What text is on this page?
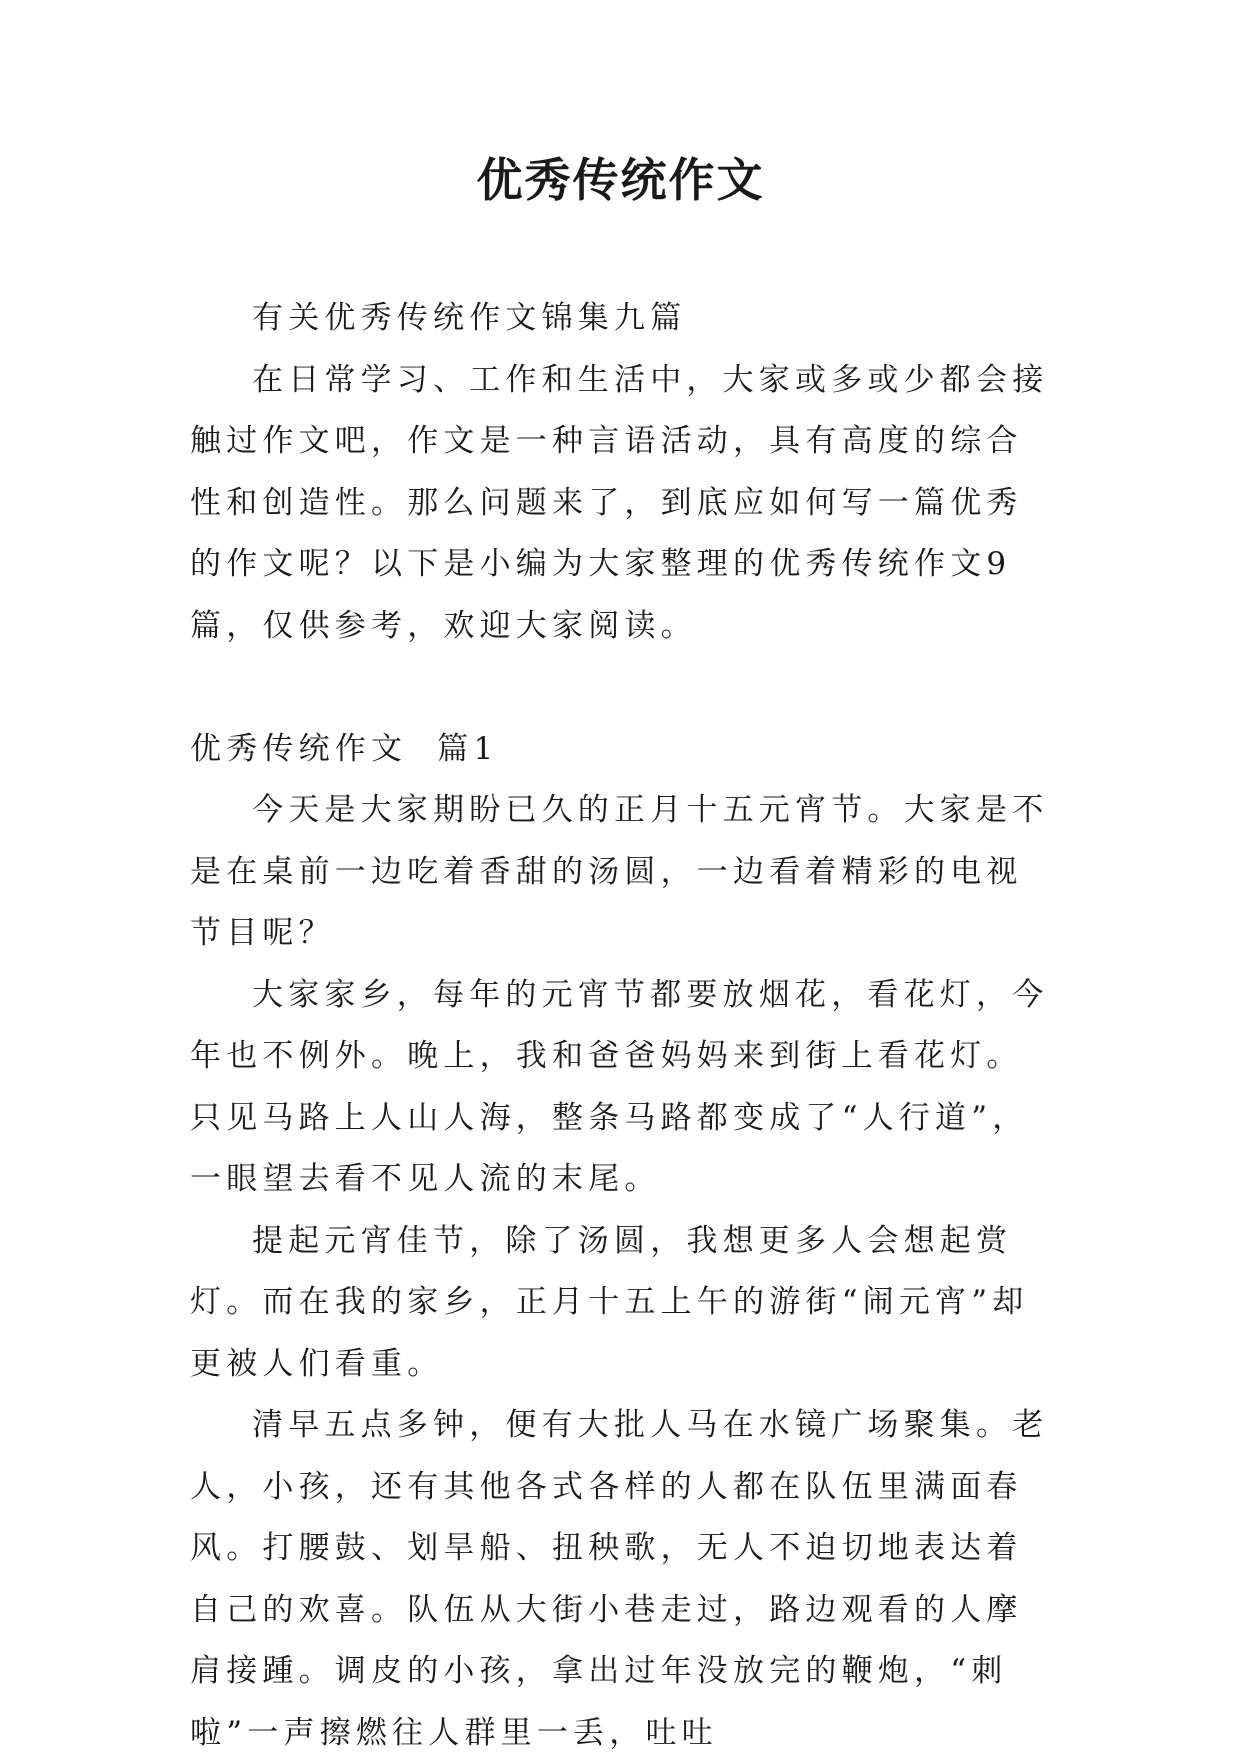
优秀传统作文

有关优秀传统作文锦集九篇

在日常学习、工作和生活中，大家或多或少都会接触过作文吧，作文是一种言语活动，具有高度的综合性和创造性。那么问题来了，到底应如何写一篇优秀的作文呢？以下是小编为大家整理的优秀传统作文9篇，仅供参考，欢迎大家阅读。

优秀传统作文  篇1

今天是大家期盼已久的正月十五元宵节。大家是不是在桌前一边吃着香甜的汤圆，一边看着精彩的电视节目呢？

大家家乡，每年的元宵节都要放烟花，看花灯，今年也不例外。晚上，我和爸爸妈妈来到街上看花灯。只见马路上人山人海，整条马路都变成了“人行道”，一眼望去看不见人流的末尾。

提起元宵佳节，除了汤圆，我想更多人会想起赏灯。而在我的家乡，正月十五上午的游街“闹元宵”却更被人们看重。

清早五点多钟，便有大批人马在水镜广场聚集。老人，小孩，还有其他各式各样的人都在队伍里满面春风。打腰鼓、划旱船、扭秧歌，无人不迫切地表达着自己的欢喜。队伍从大街小巷走过，路边观看的人摩肩接踵。调皮的小孩，拿出过年没放完的鞭炮，“刺啦”一声擦燃往人群里一丢，吐吐
